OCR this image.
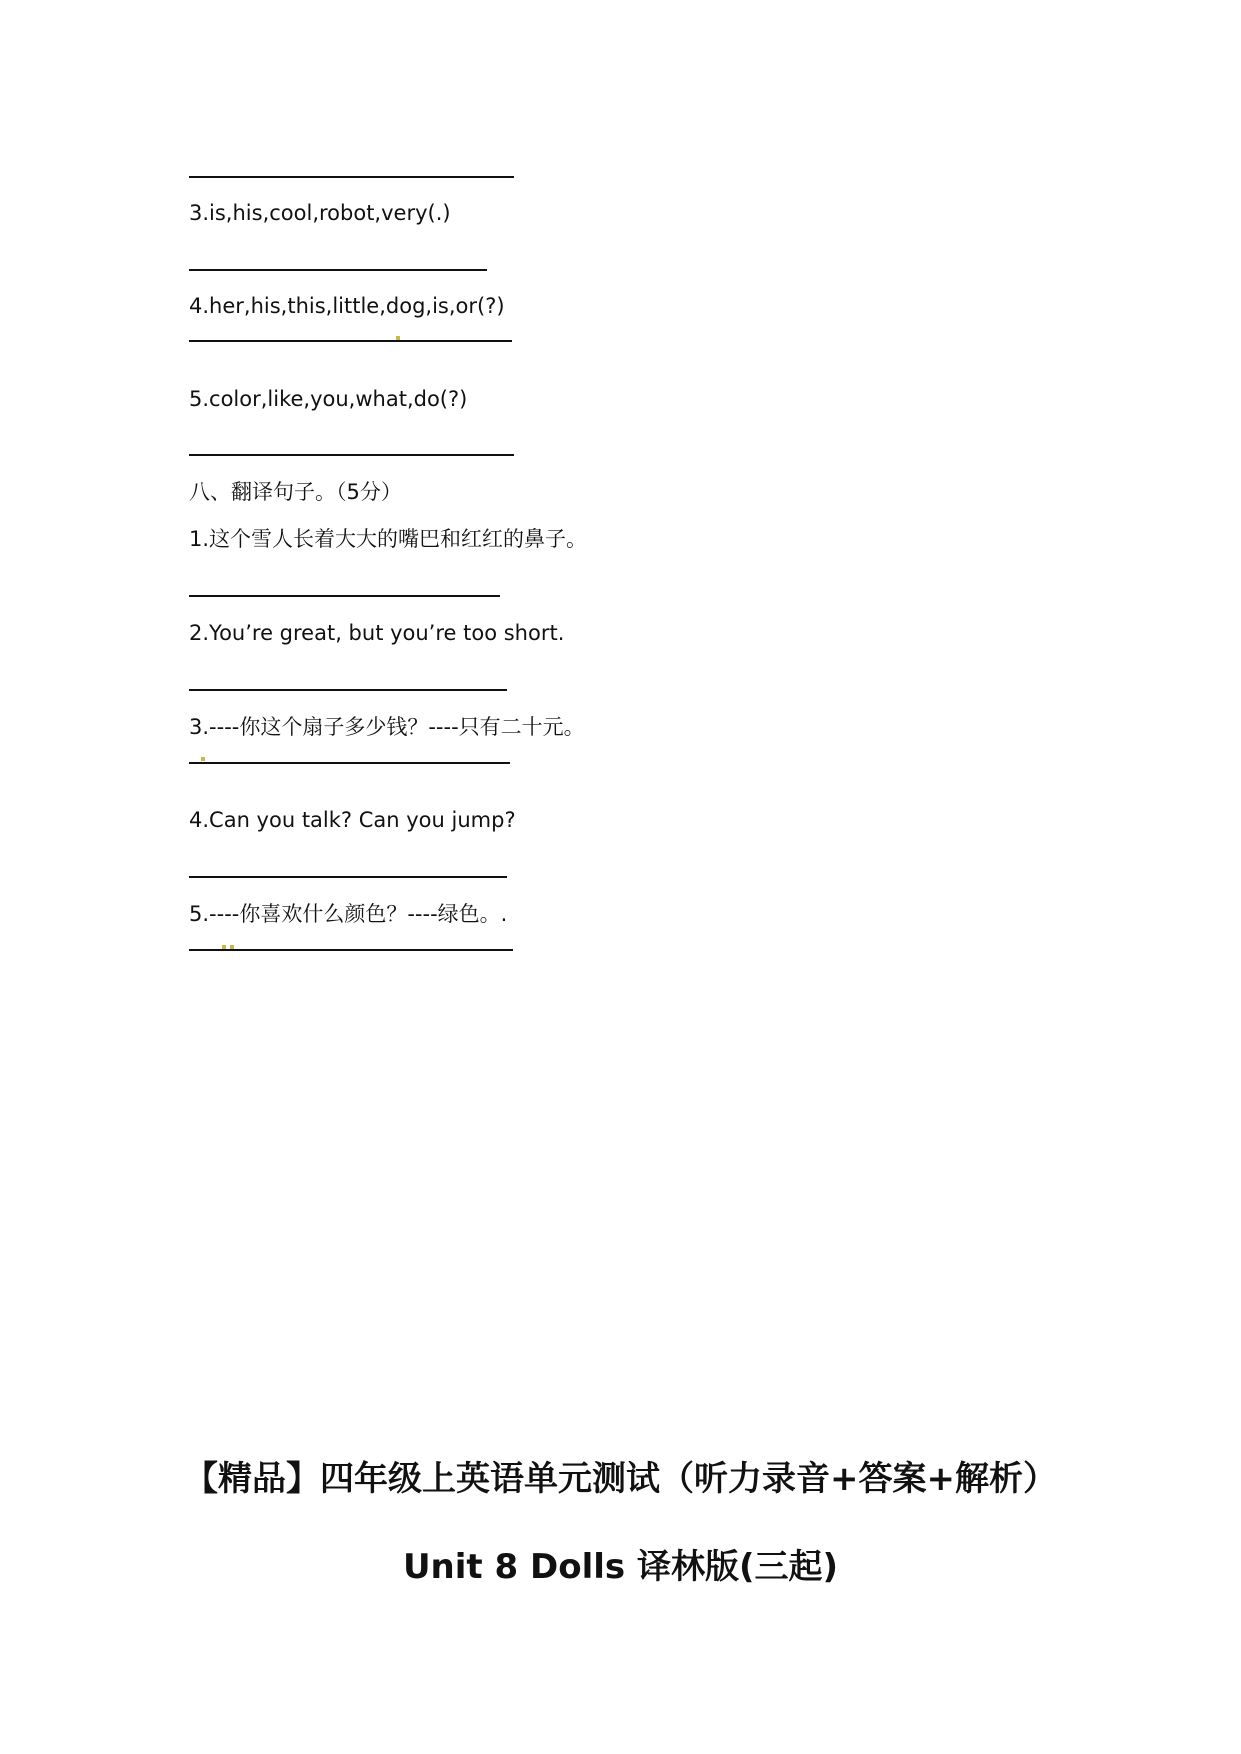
3.is,his,cool,robot,very(.)
4.her,his,this,little,dog,is,or(?)
5.color,like,you,what,do(?)
八、翻译句子。（5分）
1.这个雪人长着大大的嘴巴和红红的鼻子。
2.You’re great, but you’re too short.
3.----你这个扇子多少钱？----只有二十元。
4.Can you talk? Can you jump?
5.----你喜欢什么颜色？----绿色。.
【精品】四年级上英语单元测试（听力录音+答案+解析）
Unit 8 Dolls 译林版(三起)
